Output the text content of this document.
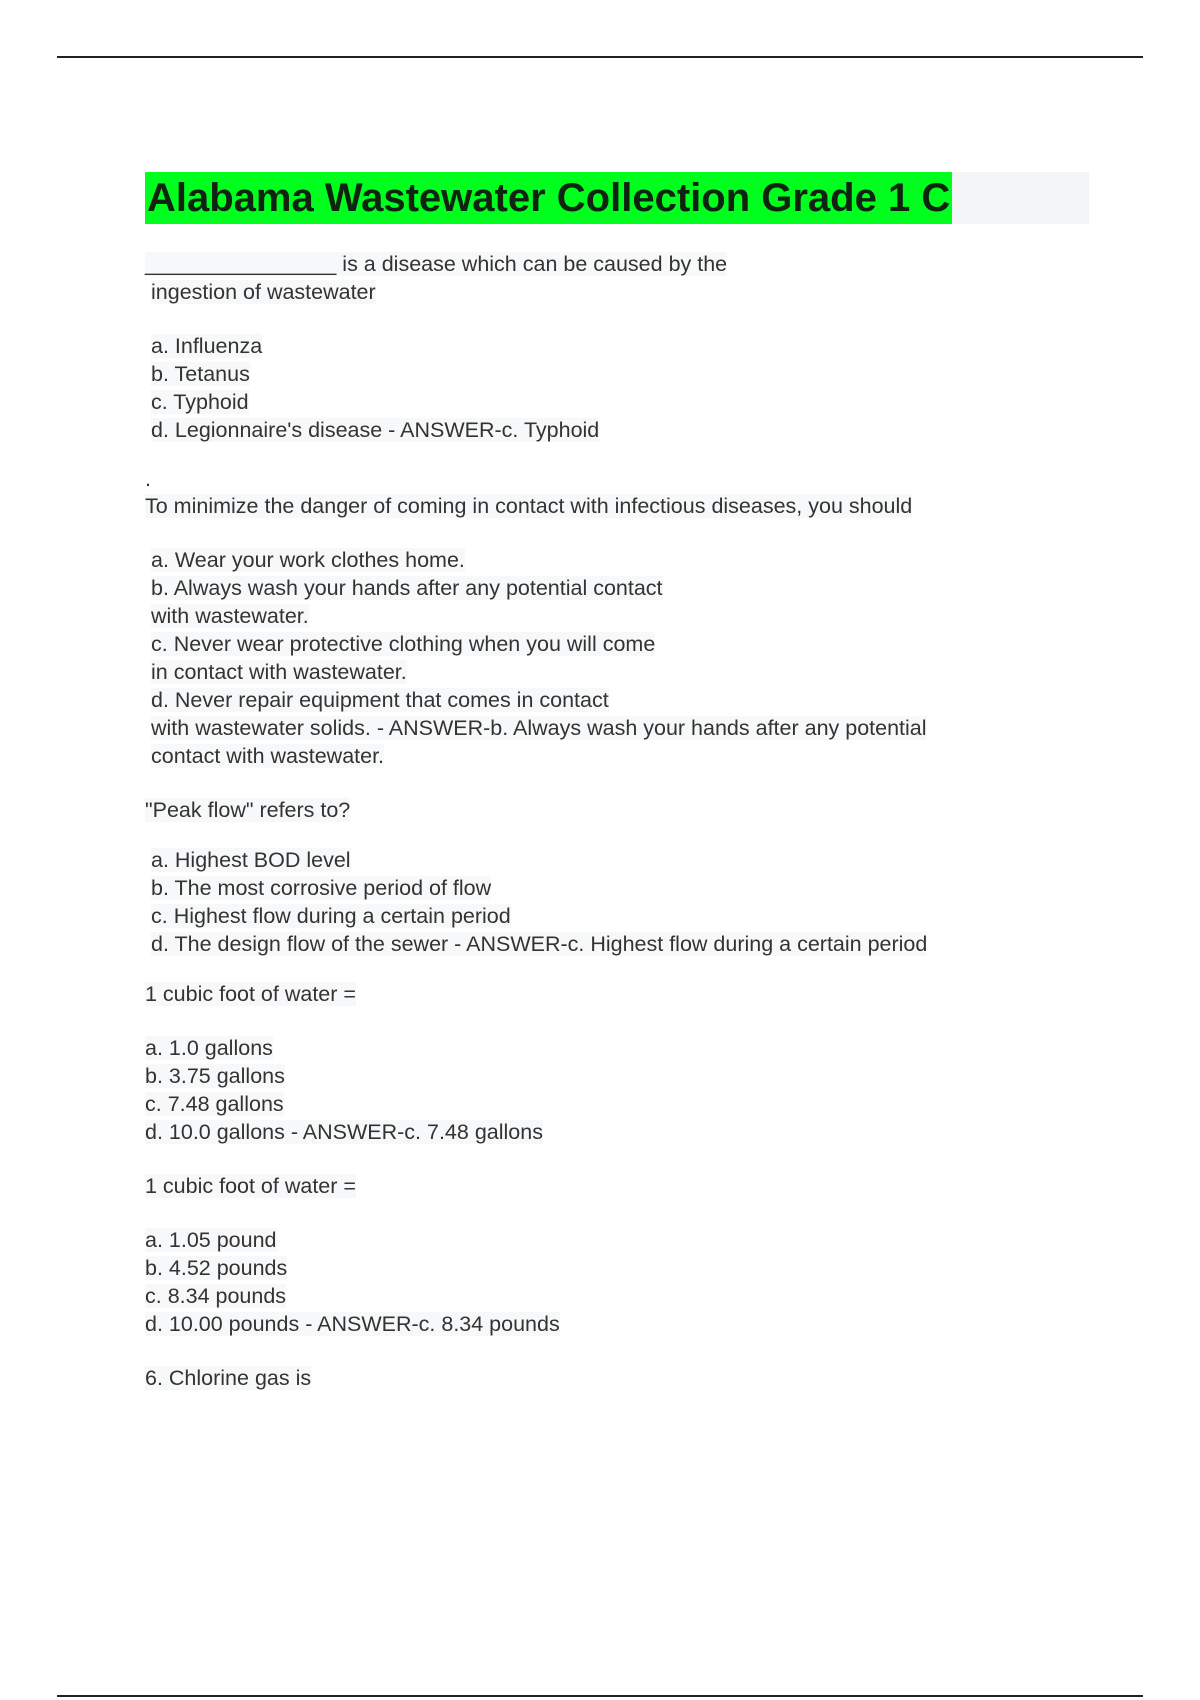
Alabama Wastewater Collection Grade 1 C
________________ is a disease which can be caused by the
ingestion of wastewater
a. Influenza
b. Tetanus
c. Typhoid
d. Legionnaire's disease - ANSWER-c. Typhoid
.
To minimize the danger of coming in contact with infectious diseases, you should
a. Wear your work clothes home.
b. Always wash your hands after any potential contact
with wastewater.
c. Never wear protective clothing when you will come
in contact with wastewater.
d. Never repair equipment that comes in contact
with wastewater solids. - ANSWER-b. Always wash your hands after any potential
contact with wastewater.
"Peak flow" refers to?
a. Highest BOD level
b. The most corrosive period of flow
c. Highest flow during a certain period
d. The design flow of the sewer - ANSWER-c. Highest flow during a certain period
1 cubic foot of water =
a. 1.0 gallons
b. 3.75 gallons
c. 7.48 gallons
d. 10.0 gallons - ANSWER-c. 7.48 gallons
1 cubic foot of water =
a. 1.05 pound
b. 4.52 pounds
c. 8.34 pounds
d. 10.00 pounds - ANSWER-c. 8.34 pounds
6. Chlorine gas is
